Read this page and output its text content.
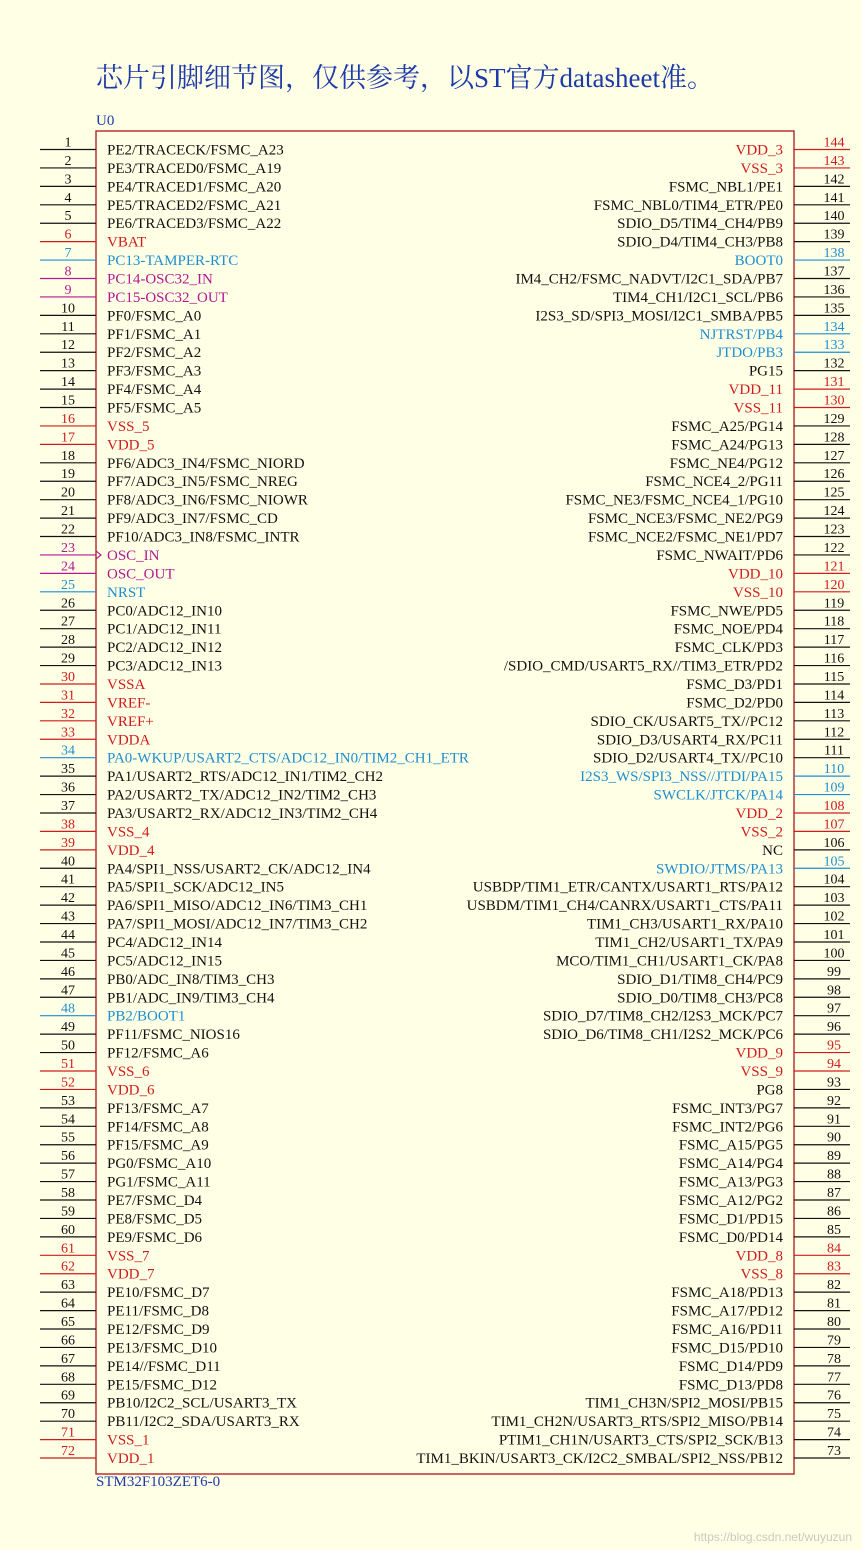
芯片引脚细节图，仅供参考，以ST官方datasheet准。
U0
1 PE2/TRACECK/FSMC_A23
2 PE3/TRACED0/FSMC_A19
3 PE4/TRACED1/FSMC_A20
4 PE5/TRACED2/FSMC_A21
5 PE6/TRACED3/FSMC_A22
6 VBAT
7 PC13-TAMPER-RTC
8 PC14-OSC32_IN
9 PC15-OSC32_OUT
10 PF0/FSMC_A0
11 PF1/FSMC_A1
12 PF2/FSMC_A2
13 PF3/FSMC_A3
14 PF4/FSMC_A4
15 PF5/FSMC_A5
16 VSS_5
17 VDD_5
18 PF6/ADC3_IN4/FSMC_NIORD
19 PF7/ADC3_IN5/FSMC_NREG
20 PF8/ADC3_IN6/FSMC_NIOWR
21 PF9/ADC3_IN7/FSMC_CD
22 PF10/ADC3_IN8/FSMC_INTR
23 OSC_IN
24 OSC_OUT
25 NRST
26 PC0/ADC12_IN10
27 PC1/ADC12_IN11
28 PC2/ADC12_IN12
29 PC3/ADC12_IN13
30 VSSA
31 VREF-
32 VREF+
33 VDDA
34 PA0-WKUP/USART2_CTS/ADC12_IN0/TIM2_CH1_ETR
35 PA1/USART2_RTS/ADC12_IN1/TIM2_CH2
36 PA2/USART2_TX/ADC12_IN2/TIM2_CH3
37 PA3/USART2_RX/ADC12_IN3/TIM2_CH4
38 VSS_4
39 VDD_4
40 PA4/SPI1_NSS/USART2_CK/ADC12_IN4
41 PA5/SPI1_SCK/ADC12_IN5
42 PA6/SPI1_MISO/ADC12_IN6/TIM3_CH1
43 PA7/SPI1_MOSI/ADC12_IN7/TIM3_CH2
44 PC4/ADC12_IN14
45 PC5/ADC12_IN15
46 PB0/ADC_IN8/TIM3_CH3
47 PB1/ADC_IN9/TIM3_CH4
48 PB2/BOOT1
49 PF11/FSMC_NIOS16
50 PF12/FSMC_A6
51 VSS_6
52 VDD_6
53 PF13/FSMC_A7
54 PF14/FSMC_A8
55 PF15/FSMC_A9
56 PG0/FSMC_A10
57 PG1/FSMC_A11
58 PE7/FSMC_D4
59 PE8/FSMC_D5
60 PE9/FSMC_D6
61 VSS_7
62 VDD_7
63 PE10/FSMC_D7
64 PE11/FSMC_D8
65 PE12/FSMC_D9
66 PE13/FSMC_D10
67 PE14//FSMC_D11
68 PE15/FSMC_D12
69 PB10/I2C2_SCL/USART3_TX
70 PB11/I2C2_SDA/USART3_RX
71 VSS_1
72 VDD_1
144
VDD_3
143
VSS_3
142
FSMC_NBL1/PE1
141
FSMC_NBL0/TIM4_ETR/PE0
140
SDIO_D5/TIM4_CH4/PB9
139
SDIO_D4/TIM4_CH3/PB8
138
BOOT0
137
IM4_CH2/FSMC_NADVT/I2C1_SDA/PB7
136
TIM4_CH1/I2C1_SCL/PB6
135
I2S3_SD/SPI3_MOSI/I2C1_SMBA/PB5
134
NJTRST/PB4
133
JTDO/PB3
132
PG15
131
VDD_11
130
VSS_11
129
FSMC_A25/PG14
128
FSMC_A24/PG13
127
FSMC_NE4/PG12
126
FSMC_NCE4_2/PG11
125
FSMC_NE3/FSMC_NCE4_1/PG10
124
FSMC_NCE3/FSMC_NE2/PG9
123
FSMC_NCE2/FSMC_NE1/PD7
122
FSMC_NWAIT/PD6
121
VDD_10
120
VSS_10
119
FSMC_NWE/PD5
118
FSMC_NOE/PD4
117
FSMC_CLK/PD3
116
/SDIO_CMD/USART5_RX//TIM3_ETR/PD2
115
FSMC_D3/PD1
114
FSMC_D2/PD0
113
SDIO_CK/USART5_TX//PC12
112
SDIO_D3/USART4_RX/PC11
111
SDIO_D2/USART4_TX//PC10
110
I2S3_WS/SPI3_NSS//JTDI/PA15
109
SWCLK/JTCK/PA14
108
VDD_2
107
VSS_2
106
NC
105
SWDIO/JTMS/PA13
104
USBDP/TIM1_ETR/CANTX/USART1_RTS/PA12
103
USBDM/TIM1_CH4/CANRX/USART1_CTS/PA11
102
TIM1_CH3/USART1_RX/PA10
101
TIM1_CH2/USART1_TX/PA9
100
MCO/TIM1_CH1/USART1_CK/PA8
99
SDIO_D1/TIM8_CH4/PC9
98
SDIO_D0/TIM8_CH3/PC8
97
SDIO_D7/TIM8_CH2/I2S3_MCK/PC7
96
SDIO_D6/TIM8_CH1/I2S2_MCK/PC6
95
VDD_9
94
VSS_9
93
PG8
92
FSMC_INT3/PG7
91
FSMC_INT2/PG6
90
FSMC_A15/PG5
89
FSMC_A14/PG4
88
FSMC_A13/PG3
87
FSMC_A12/PG2
86
FSMC_D1/PD15
85
FSMC_D0/PD14
84
VDD_8
83
VSS_8
82
FSMC_A18/PD13
81
FSMC_A17/PD12
80
FSMC_A16/PD11
79
FSMC_D15/PD10
78
FSMC_D14/PD9
77
FSMC_D13/PD8
76
TIM1_CH3N/SPI2_MOSI/PB15
75
TIM1_CH2N/USART3_RTS/SPI2_MISO/PB14
74
PTIM1_CH1N/USART3_CTS/SPI2_SCK/B13
73
TIM1_BKIN/USART3_CK/I2C2_SMBAL/SPI2_NSS/PB12
STM32F103ZET6-0
https://blog.csdn.net/wuyuzun
